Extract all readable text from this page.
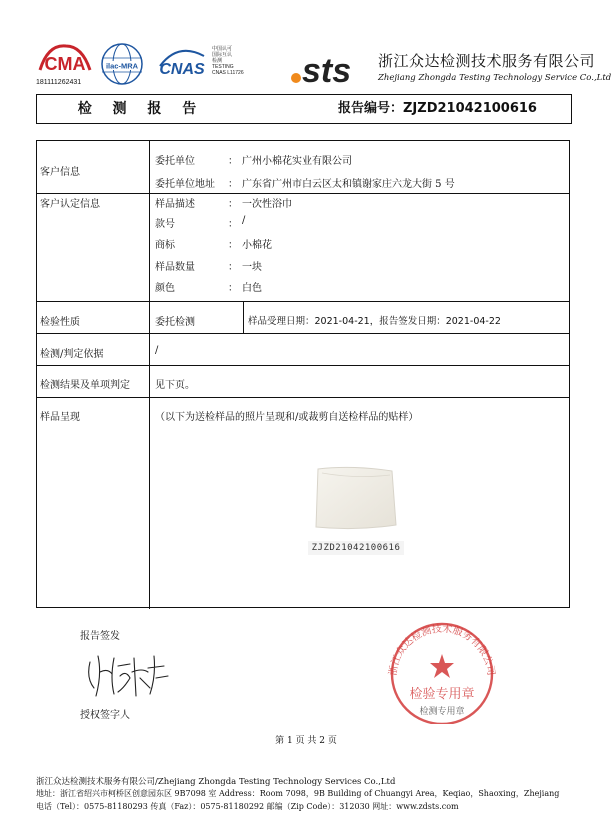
CMA
181111262431
ilac-MRA CNAS
中国认可
国际互认
检测
TESTING
CNAS L11726 sts 浙江众达检测技术服务有限公司
Zhejiang Zhongda Testing Technology Service Co.,Ltd
检 测 报 告	报告编号：ZJZD21042100616
客户信息
委托单位	： 广州小棉花实业有限公司
委托单位地址 ： 广东省广州市白云区太和镇谢家庄六龙大街 5 号
客户认定信息	样品描述	： 一次性浴巾
款号	： /
商标	： 小棉花
样品数量	： 一块
颜色	： 白色
检验性质	委托检测	样品受理日期：2021-04-21，报告签发日期：2021-04-22
检测/判定依据	/
检测结果及单项判定	见下页。
样品呈现	（以下为送检样品的照片呈现和/或裁剪自送检样品的贴样）
ZJZD21042100616
报告签发
授权签字人
浙江众达检测技术服务有限公司
检验专用章
检测专用章
第 1 页 共 2 页
浙江众达检测技术服务有限公司/Zhejiang Zhongda Testing Technology Services Co.,Ltd
地址：浙江省绍兴市柯桥区创意园东区 9B7098 室 Address：Room 7098，9B Building of Chuangyi Area，Keqiao，Shaoxing，Zhejiang
电话（Tel）：0575-81180293 传真（Faz）：0575-81180292 邮编（Zip Code）：312030 网址：www.zdsts.com
